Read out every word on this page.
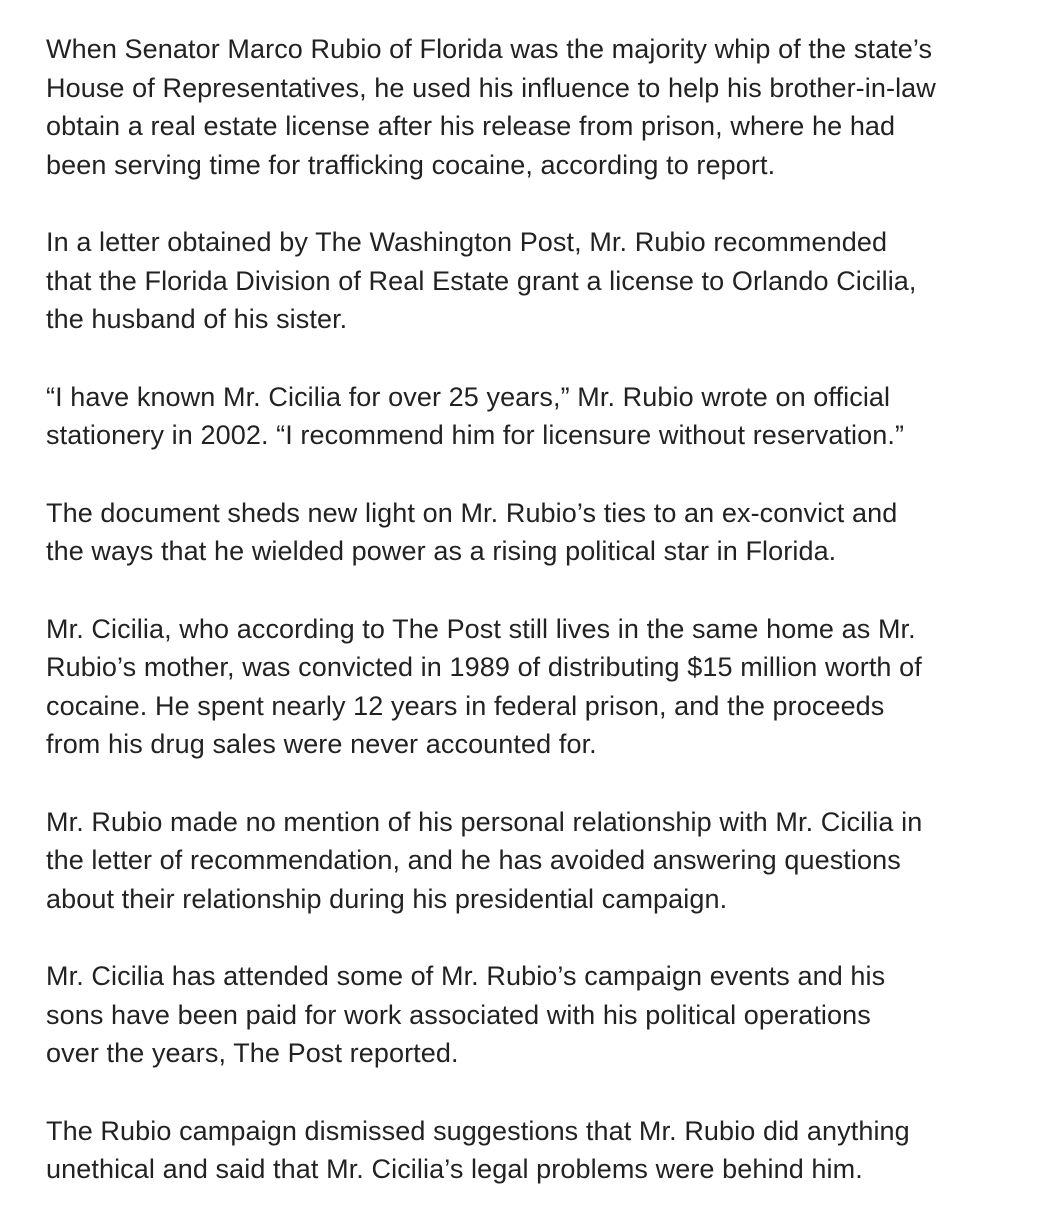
When Senator Marco Rubio of Florida was the majority whip of the state’s
House of Representatives, he used his influence to help his brother-in-law
obtain a real estate license after his release from prison, where he had
been serving time for trafficking cocaine, according to report.

In a letter obtained by The Washington Post, Mr. Rubio recommended
that the Florida Division of Real Estate grant a license to Orlando Cicilia,
the husband of his sister.

“I have known Mr. Cicilia for over 25 years,” Mr. Rubio wrote on official
stationery in 2002. “I recommend him for licensure without reservation.”

The document sheds new light on Mr. Rubio’s ties to an ex-convict and
the ways that he wielded power as a rising political star in Florida.

Mr. Cicilia, who according to The Post still lives in the same home as Mr.
Rubio’s mother, was convicted in 1989 of distributing $15 million worth of
cocaine. He spent nearly 12 years in federal prison, and the proceeds
from his drug sales were never accounted for.

Mr. Rubio made no mention of his personal relationship with Mr. Cicilia in
the letter of recommendation, and he has avoided answering questions
about their relationship during his presidential campaign.

Mr. Cicilia has attended some of Mr. Rubio’s campaign events and his
sons have been paid for work associated with his political operations
over the years, The Post reported.

The Rubio campaign dismissed suggestions that Mr. Rubio did anything
unethical and said that Mr. Cicilia’s legal problems were behind him.
